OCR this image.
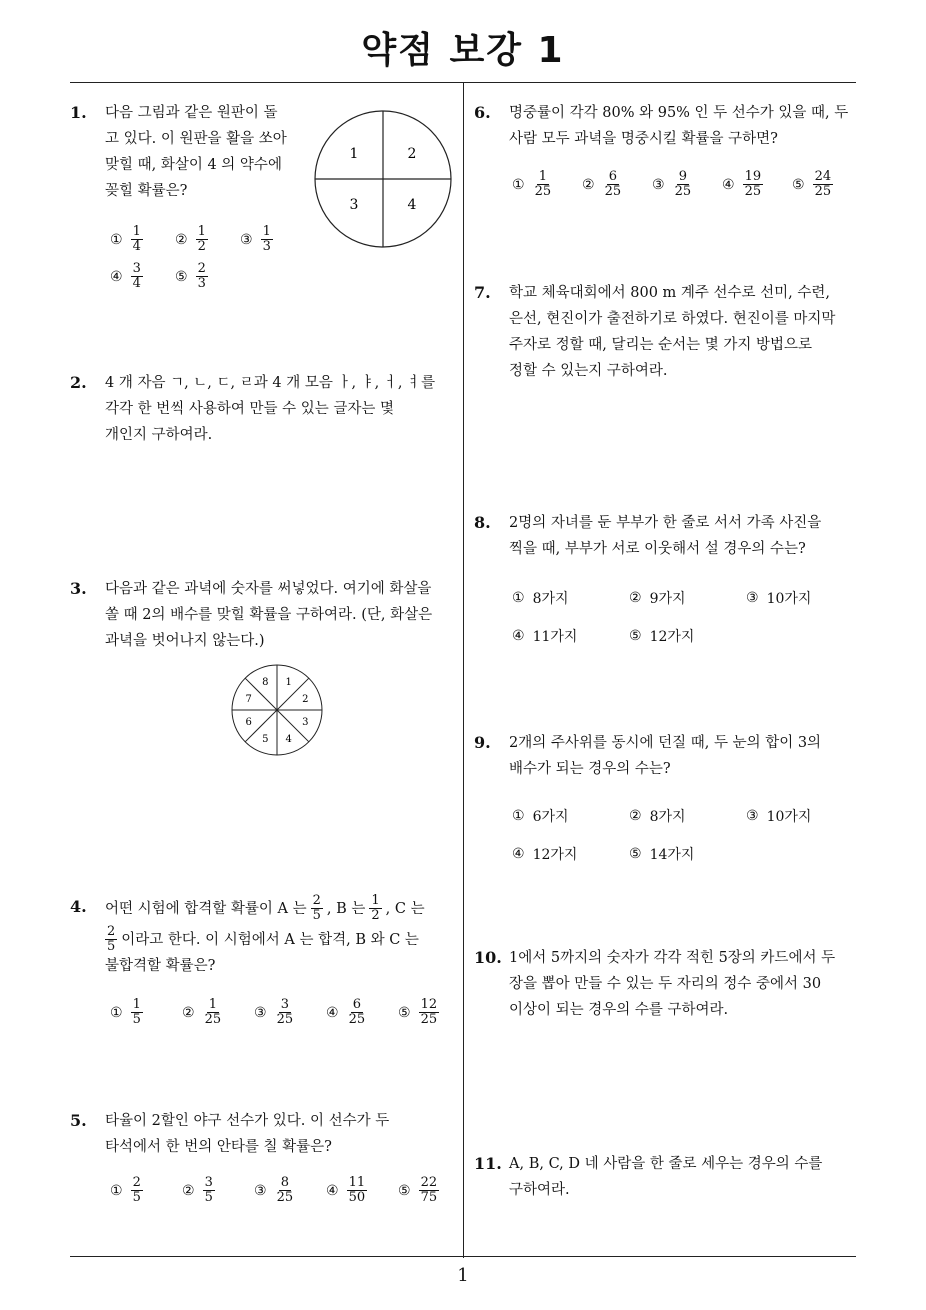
약점 보강 1
1
1. 다음 그림과 같은 원판이 돌
고 있다. 이 원판을 활을 쏘아
맞힐 때, 화살이 4 의 약수에
꽂힐 확률은?
1	2
3	4
① $\frac{1}{4}$ ② $\frac{1}{2}$ ③ $\frac{1}{3}$
④ $\frac{3}{4}$ ⑤ $\frac{2}{3}$
2. 4 개 자음 ㄱ, ㄴ, ㄷ, ㄹ과 4 개 모음 ㅏ, ㅑ, ㅓ, ㅕ를
각각 한 번씩 사용하여 만들 수 있는 글자는 몇
개인지 구하여라.
3. 다음과 같은 과녁에 숫자를 써넣었다. 여기에 화살을
쏠 때 2의 배수를 맞힐 확률을 구하여라. (단, 화살은
과녁을 벗어나지 않는다.)
1
2
3
4
5
6
7
8
4. 어떤 시험에 합격할 확률이 A 는 $\frac{2}{5}$ , B 는 $\frac{1}{2}$ , C 는
$\frac{2}{5}$ 이라고 한다. 이 시험에서 A 는 합격, B 와 C 는
불합격할 확률은?
① $\frac{1}{5}$	② $\frac{1}{25}$ ③ $\frac{3}{25}$ ④ $\frac{6}{25}$ ⑤ $\frac{12}{25}$
5. 타율이 2할인 야구 선수가 있다. 이 선수가 두
타석에서 한 번의 안타를 칠 확률은?
① $\frac{2}{5}$	② $\frac{3}{5}$	③ $\frac{8}{25}$ ④ $\frac{11}{50}$ ⑤ $\frac{22}{75}$
6. 명중률이 각각 80% 와 95% 인 두 선수가 있을 때, 두
사람 모두 과녁을 명중시킬 확률을 구하면?
① $\frac{1}{25}$ ② $\frac{6}{25}$ ③ $\frac{9}{25}$ ④ $\frac{19}{25}$ ⑤ $\frac{24}{25}$
7. 학교 체육대회에서 800 m 계주 선수로 선미, 수련,
은선, 현진이가 출전하기로 하였다. 현진이를 마지막
주자로 정할 때, 달리는 순서는 몇 가지 방법으로
정할 수 있는지 구하여라.
8. 2명의 자녀를 둔 부부가 한 줄로 서서 가족 사진을
찍을 때, 부부가 서로 이웃해서 설 경우의 수는?
① 8가지	② 9가지	③ 10가지
④ 11가지	⑤ 12가지
9. 2개의 주사위를 동시에 던질 때, 두 눈의 합이 3의
배수가 되는 경우의 수는?
① 6가지	② 8가지	③ 10가지
④ 12가지	⑤ 14가지
10. 1에서 5까지의 숫자가 각각 적힌 5장의 카드에서 두
장을 뽑아 만들 수 있는 두 자리의 정수 중에서 30
이상이 되는 경우의 수를 구하여라.
11. A, B, C, D 네 사람을 한 줄로 세우는 경우의 수를
구하여라.
